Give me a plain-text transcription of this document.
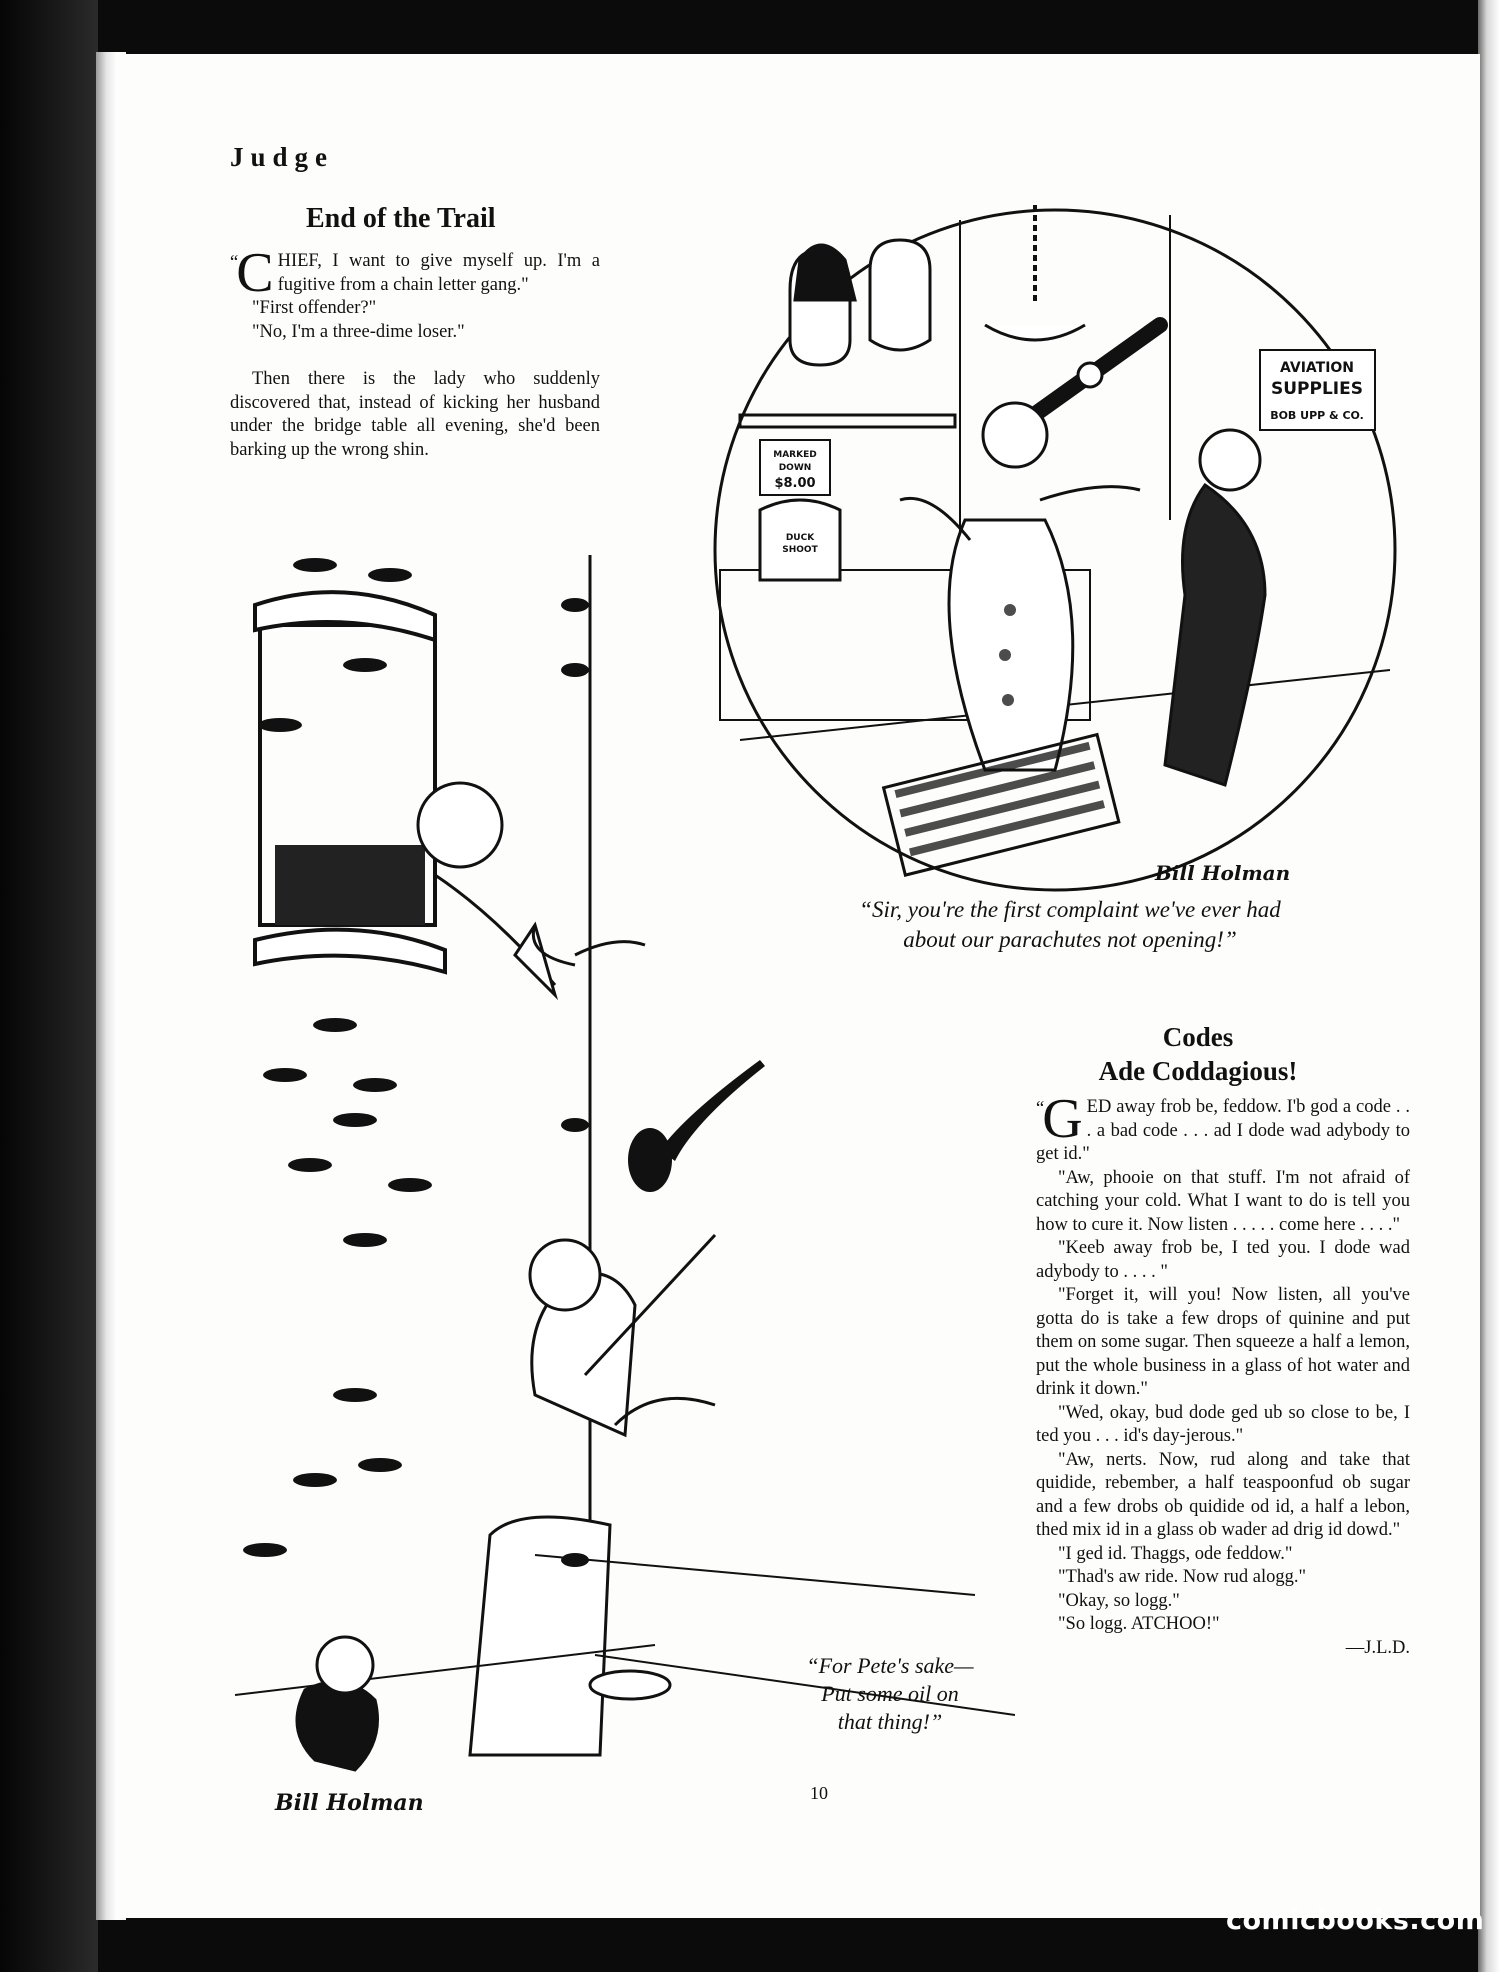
Judge
End of the Trail

“
C HIEF, I want to give myself up. I'm a fugitive from a chain letter gang."

"First offender?"

"No, I'm a three-dime loser."

Then there is the lady who suddenly discovered that, instead of kicking her husband under the bridge table all evening, she'd been barking up the wrong shin.

AVIATION
SUPPLIES
BOB UPP & CO.
MARKED
DOWN
$8.00
DUCK
SHOOT
Bill Holman
“Sir, you're the first complaint we've ever had
about our parachutes not opening!”
Codes
Ade Coddagious!

“
G ED away frob be, feddow. I'b god a code . . . a bad code . . . ad I dode wad adybody to get id."

"Aw, phooie on that stuff. I'm not afraid of catching your cold. What I want to do is tell you how to cure it. Now listen . . . . . come here . . . ."

"Keeb away frob be, I ted you. I dode wad adybody to . . . . "

"Forget it, will you! Now listen, all you've gotta do is take a few drops of quinine and put them on some sugar. Then squeeze a half a lemon, put the whole business in a glass of hot water and drink it down."

"Wed, okay, bud dode ged ub so close to be, I ted you . . . id's day-jerous."

"Aw, nerts. Now, rud along and take that quidide, rebember, a half teaspoonfud ob sugar and a few drobs ob quidide od id, a half a lebon, thed mix id in a glass ob wader ad drig id dowd."

"I ged id. Thaggs, ode feddow."

"Thad's aw ride. Now rud alogg."

"Okay, so logg."

"So logg. ATCHOO!"

—J.L.D.

Bill Holman
“For Pete's sake—
Put some oil on
that thing!”
10
comicbooks.com
